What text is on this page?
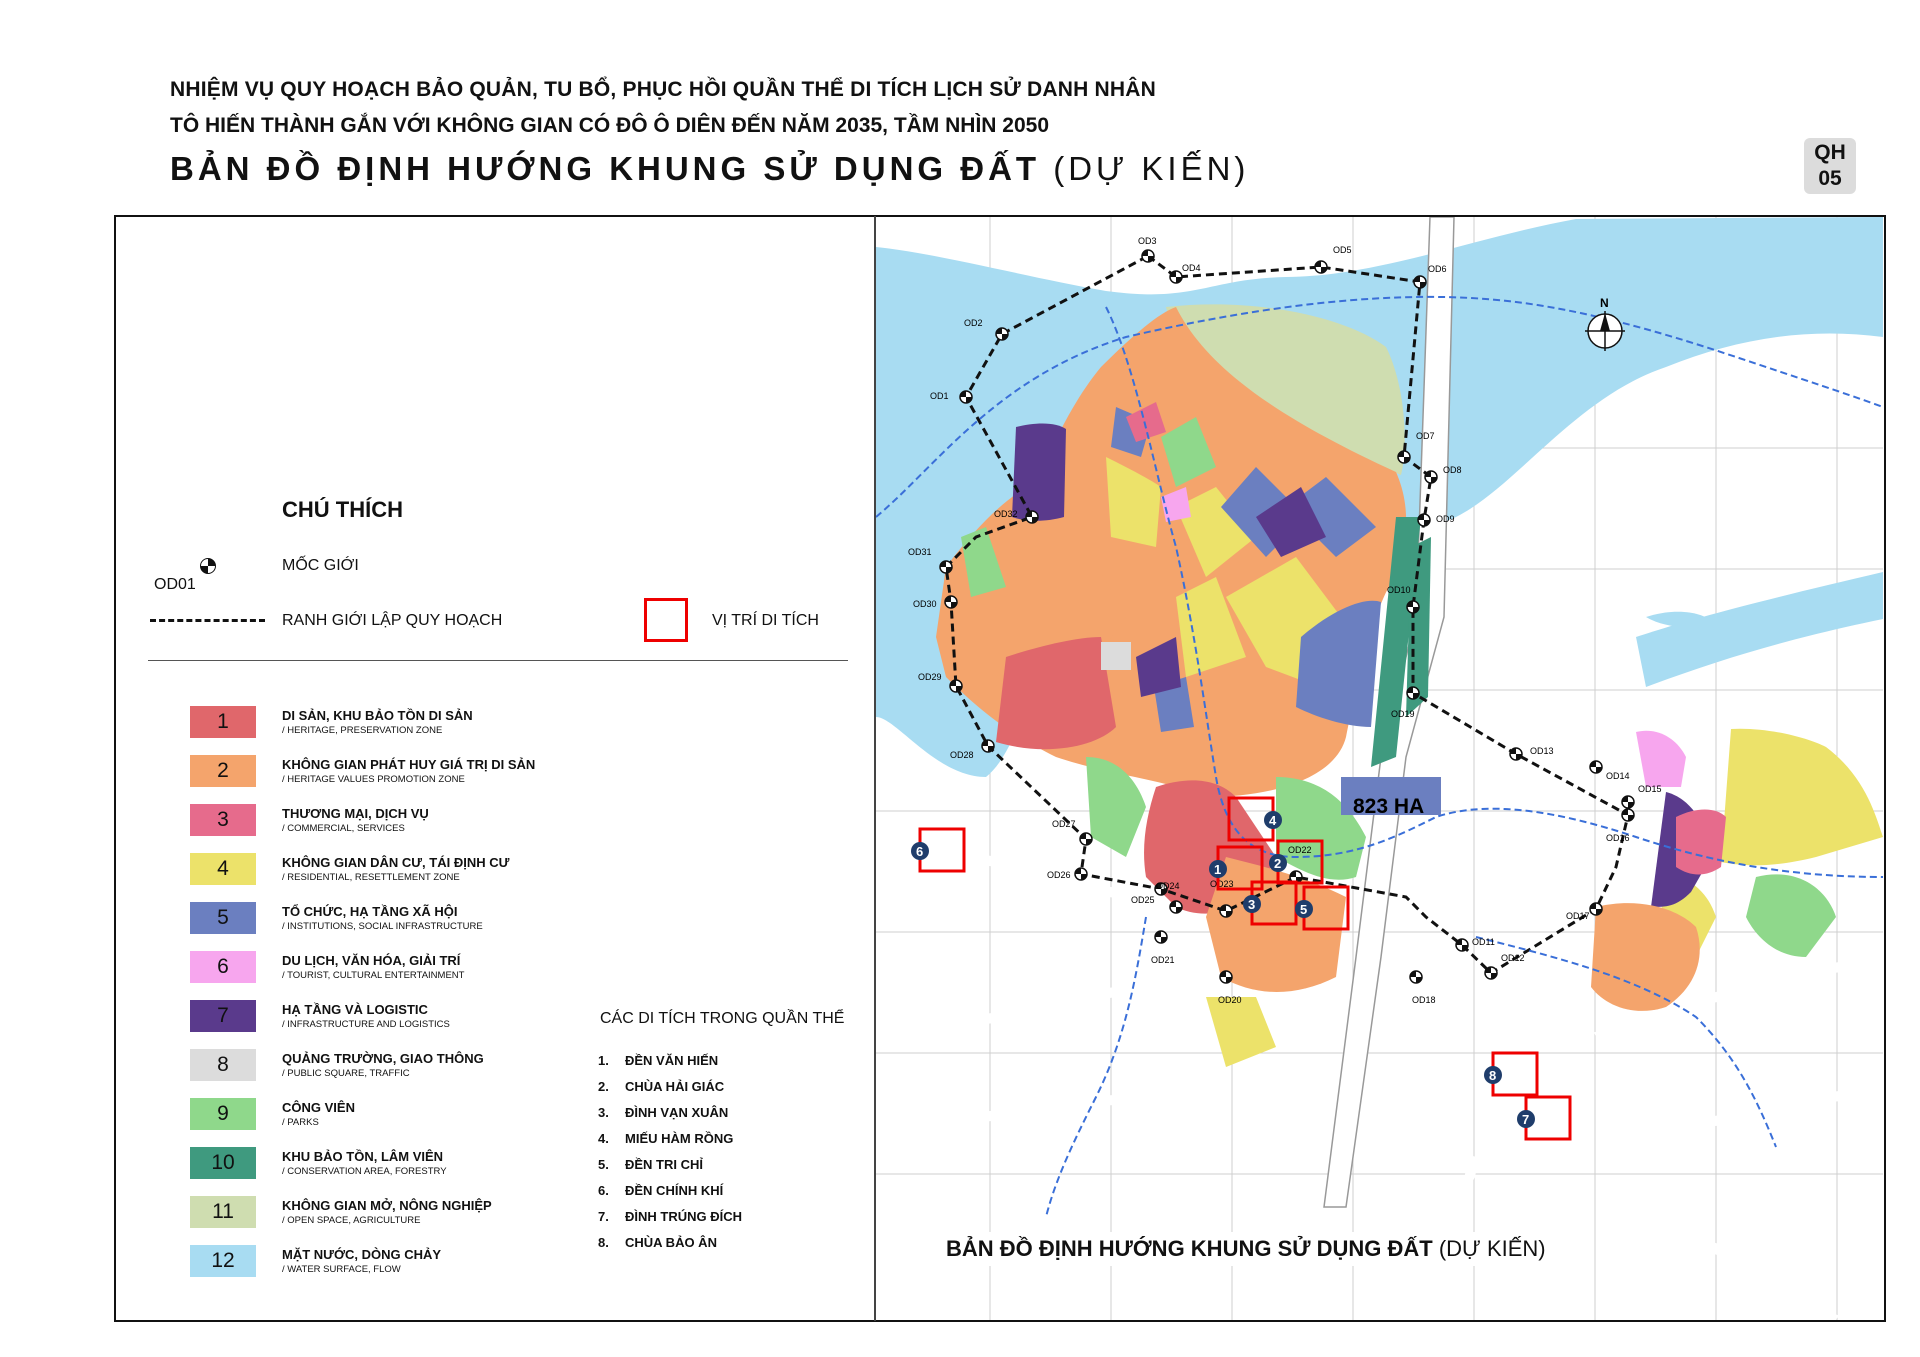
NHIỆM VỤ QUY HOẠCH BẢO QUẢN, TU BỔ, PHỤC HỒI QUẦN THỂ DI TÍCH LỊCH SỬ DANH NHÂN
TÔ HIẾN THÀNH GẮN VỚI KHÔNG GIAN CÓ ĐÔ Ô DIÊN ĐẾN NĂM 2035, TẦM NHÌN 2050
BẢN ĐỒ ĐỊNH HƯỚNG KHUNG SỬ DỤNG ĐẤT (DỰ KIẾN)	QH
05
CHÚ THÍCH
OD01
MỐC GIỚI
RANH GIỚI LẬP QUY HOẠCH	VỊ TRÍ DI TÍCH
1	DI SẢN, KHU BẢO TỒN DI SẢN
/ HERITAGE, PRESERVATION ZONE
2	KHÔNG GIAN PHÁT HUY GIÁ TRỊ DI SẢN
/ HERITAGE VALUES PROMOTION ZONE
3	THƯƠNG MẠI, DỊCH VỤ
/ COMMERCIAL, SERVICES
4	KHÔNG GIAN DÂN CƯ, TÁI ĐỊNH CƯ
/ RESIDENTIAL, RESETTLEMENT ZONE
5	TỔ CHỨC, HẠ TẦNG XÃ HỘI
/ INSTITUTIONS, SOCIAL INFRASTRUCTURE
6	DU LỊCH, VĂN HÓA, GIẢI TRÍ
/ TOURIST, CULTURAL ENTERTAINMENT
7	HẠ TẦNG VÀ LOGISTIC
/ INFRASTRUCTURE AND LOGISTICS
8	QUẢNG TRƯỜNG, GIAO THÔNG
/ PUBLIC SQUARE, TRAFFIC
9	CÔNG VIÊN
/ PARKS
10	KHU BẢO TỒN, LÂM VIÊN
/ CONSERVATION AREA, FORESTRY
11	KHÔNG GIAN MỞ, NÔNG NGHIỆP
/ OPEN SPACE, AGRICULTURE
12	MẶT NƯỚC, DÒNG CHẢY
/ WATER SURFACE, FLOW
CÁC DI TÍCH TRONG QUẦN THỂ
1. ĐỀN VĂN HIẾN
2. CHÙA HẢI GIÁC
3. ĐÌNH VẠN XUÂN
4. MIẾU HÀM RỒNG
5. ĐỀN TRI CHỈ
6. ĐỀN CHÍNH KHÍ
7. ĐÌNH TRÚNG ĐÍCH
8. CHÙA BẢO ÂN
N
823 HA
OD3
OD4
OD5
OD6
OD2
OD1
OD7
OD8
OD9
OD32
OD31
OD30
OD29
OD28
OD27
OD26
OD25
OD24	OD23
OD22
OD21
OD20
OD19
OD18
OD17
OD16
OD15
OD14
OD13
OD12
OD11
OD10
1	2
3
4
5
6
7
8
BẢN ĐỒ ĐỊNH HƯỚNG KHUNG SỬ DỤNG ĐẤT (DỰ KIẾN)
